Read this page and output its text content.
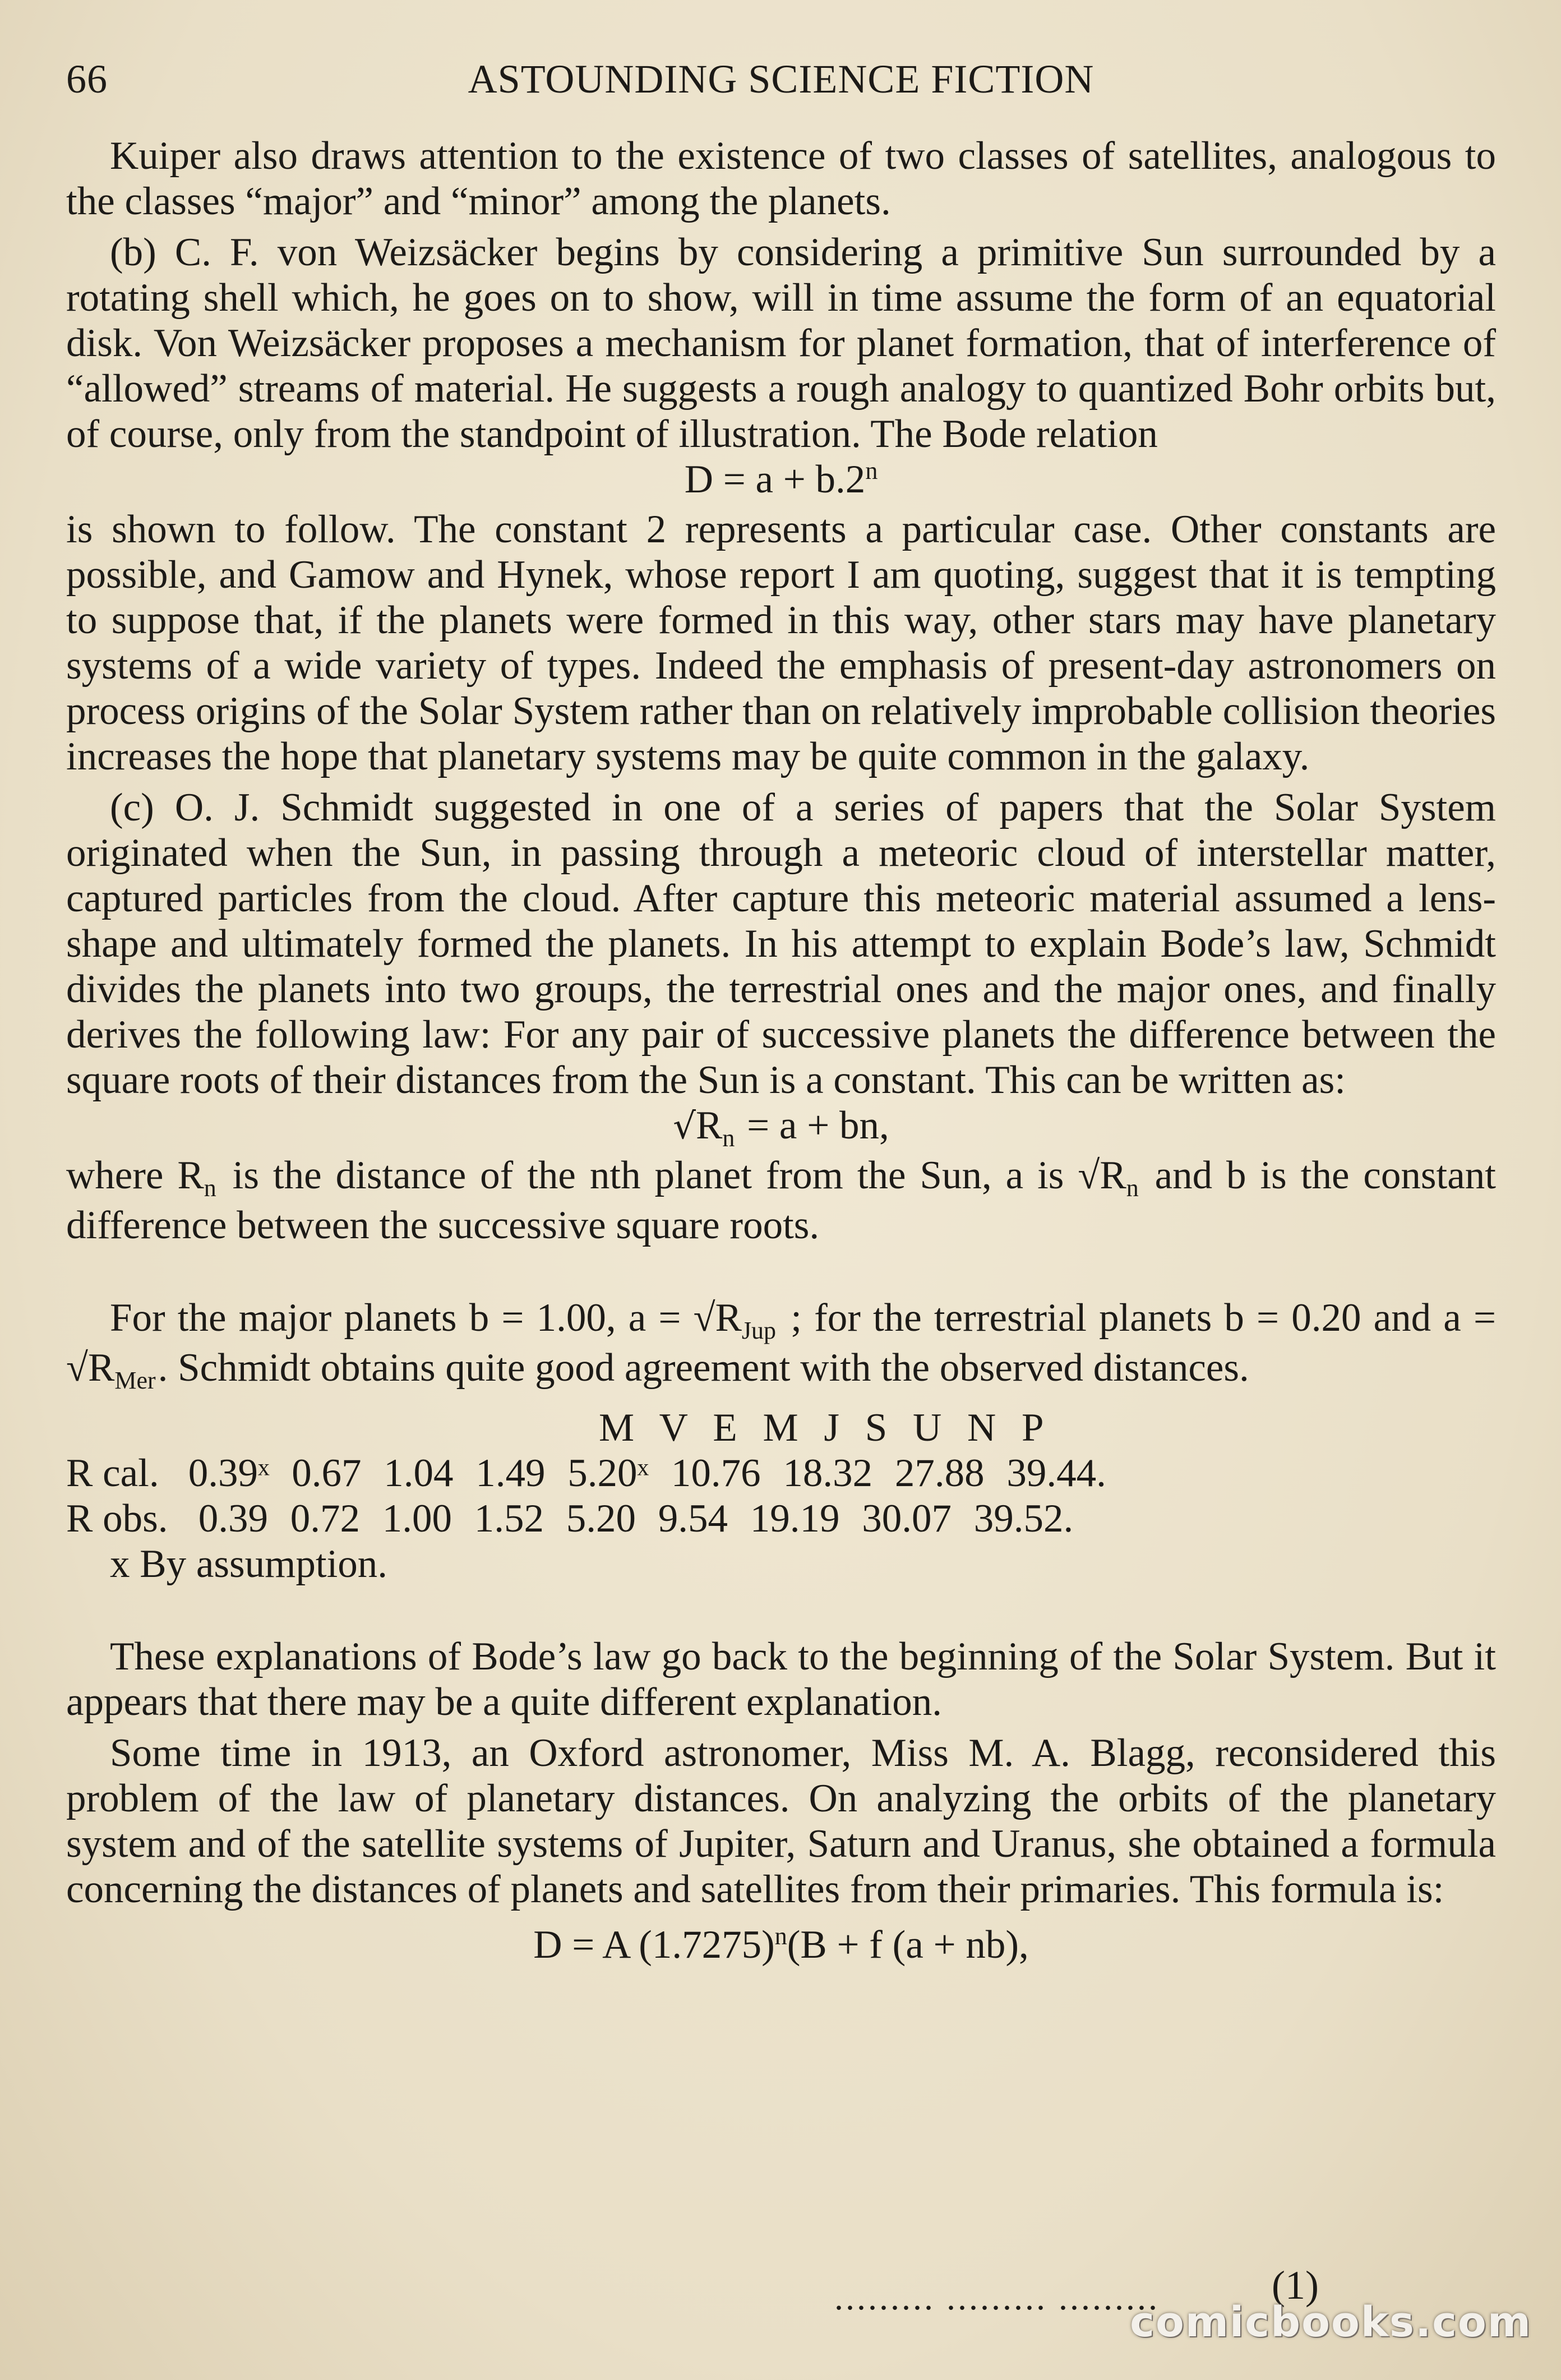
66	ASTOUNDING SCIENCE FICTION

Kuiper also draws attention to the existence of two classes of satellites, analogous to the classes “major” and “minor” among the planets.

(b) C. F. von Weizsäcker begins by considering a primitive Sun surrounded by a rotating shell which, he goes on to show, will in time assume the form of an equatorial disk. Von Weizsäcker proposes a mechanism for planet formation, that of interference of “allowed” streams of material. He suggests a rough analogy to quantized Bohr orbits but, of course, only from the standpoint of illustration. The Bode relation

$D = a + b.2^n$

is shown to follow. The constant 2 represents a particular case. Other constants are possible, and Gamow and Hynek, whose report I am quoting, suggest that it is tempting to suppose that, if the planets were formed in this way, other stars may have planetary systems of a wide variety of types. Indeed the emphasis of present-day astronomers on process origins of the Solar System rather than on relatively improbable collision theories increases the hope that planetary systems may be quite common in the galaxy.

(c) O. J. Schmidt suggested in one of a series of papers that the Solar System originated when the Sun, in passing through a meteoric cloud of interstellar matter, captured particles from the cloud. After capture this meteoric material assumed a lens-shape and ultimately formed the planets. In his attempt to explain Bode’s law, Schmidt divides the planets into two groups, the terrestrial ones and the major ones, and finally derives the following law: For any pair of successive planets the difference between the square roots of their distances from the Sun is a constant. This can be written as:

√Rn = a + bn,

where Rn is the distance of the nth planet from the Sun, a is √Rn and b is the constant difference between the successive square roots.

For the major planets b = 1.00, a = √RJup ; for the terrestrial planets b = 0.20 and a = √RMer. Schmidt obtains quite good agreement with the observed distances.

M V E M J S U N P
R cal. 0.39ˣ 0.67 1.04 1.49 5.20ˣ 10.76 18.32 27.88 39.44.
R obs. 0.39 0.72 1.00 1.52 5.20 9.54 19.19 30.07 39.52.
x By assumption.

These explanations of Bode’s law go back to the beginning of the Solar System. But it appears that there may be a quite different explanation.

Some time in 1913, an Oxford astronomer, Miss M. A. Blagg, reconsidered this problem of the law of planetary distances. On analyzing the orbits of the planetary system and of the satellite systems of Jupiter, Saturn and Uranus, she obtained a formula concerning the distances of planets and satellites from their primaries. This formula is:

D = A $(1.7275)^n(B + f$ (a + nb),
......... ......... .........	(1)
comicbooks.com
